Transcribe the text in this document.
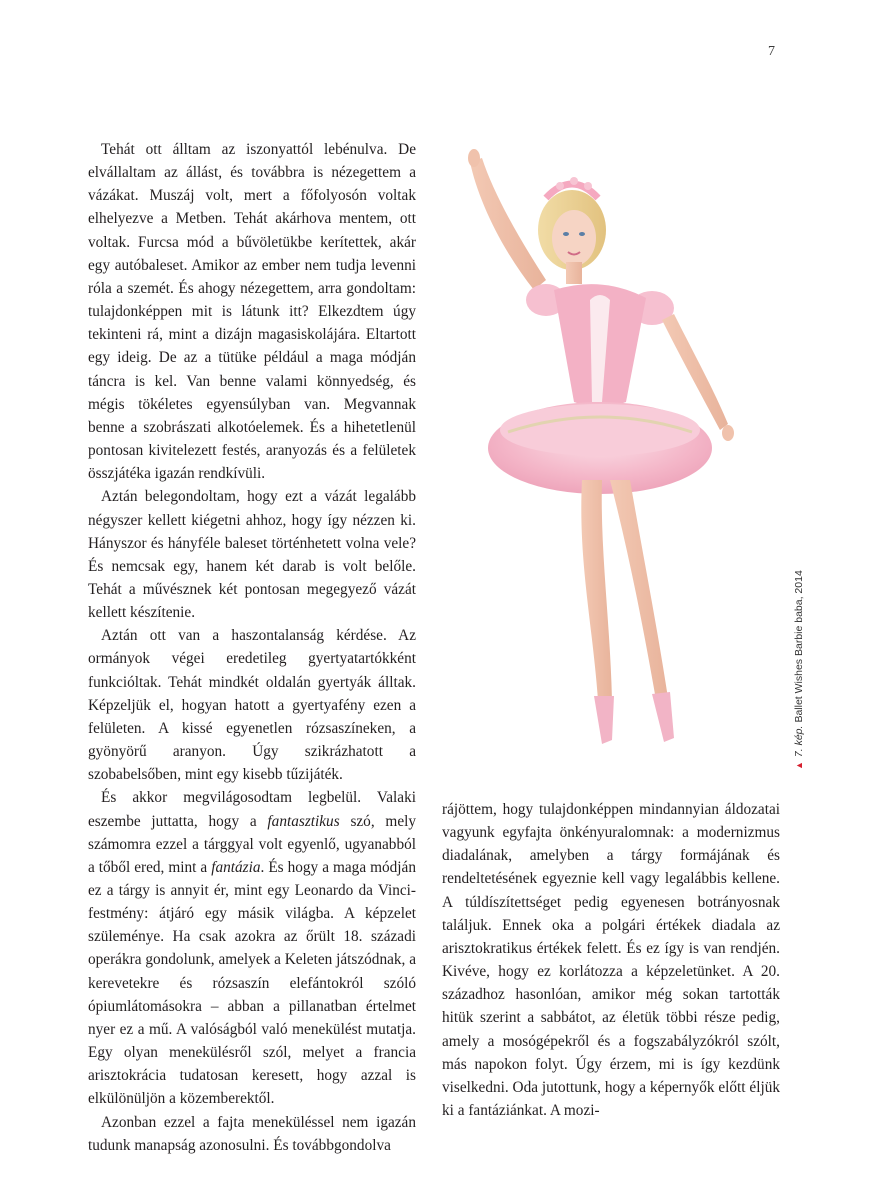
7

Tehát ott álltam az iszonyattól lebénulva. De elvállaltam az állást, és továbbra is nézegettem a vázákat. Muszáj volt, mert a főfolyosón voltak elhelyezve a Metben. Tehát akárhova mentem, ott voltak. Furcsa mód a bűvöletükbe kerítettek, akár egy autóbaleset. Amikor az ember nem tudja levenni róla a szemét. És ahogy nézegettem, arra gondoltam: tulajdonképpen mit is látunk itt? Elkezdtem úgy tekinteni rá, mint a dizájn magasiskolájára. Eltartott egy ideig. De az a tütüke például a maga módján táncra is kel. Van benne valami könnyedség, és mégis tökéletes egyensúlyban van. Megvannak benne a szobrászati alkotóelemek. És a hihetetlenül pontosan kivitelezett festés, aranyozás és a felületek összjátéka igazán rendkívüli.

Aztán belegondoltam, hogy ezt a vázát legalább négyszer kellett kiégetni ahhoz, hogy így nézzen ki. Hányszor és hányféle baleset történhetett volna vele? És nemcsak egy, hanem két darab is volt belőle. Tehát a művésznek két pontosan megegyező vázát kellett készítenie.

Aztán ott van a haszontalanság kérdése. Az ormányok végei eredetileg gyertyatartókként funkcióltak. Tehát mindkét oldalán gyertyák álltak. Képzeljük el, hogyan hatott a gyertyafény ezen a felületen. A kissé egyenetlen rózsaszíneken, a gyönyörű aranyon. Úgy szikrázhatott a szobabelsőben, mint egy kisebb tűzijáték.

És akkor megvilágosodtam legbelül. Valaki eszembe juttatta, hogy a fantasztikus szó, mely számomra ezzel a tárggyal volt egyenlő, ugyanabból a tőből ered, mint a fantázia. És hogy a maga módján ez a tárgy is annyit ér, mint egy Leonardo da Vinci-festmény: átjáró egy másik világba. A képzelet szüleménye. Ha csak azokra az őrült 18. századi operákra gondolunk, amelyek a Keleten játszódnak, a kerevetekre és rózsaszín elefántokról szóló ópiumlátomásokra – abban a pillanatban értelmet nyer ez a mű. A valóságból való menekülést mutatja. Egy olyan menekülésről szól, melyet a francia arisztokrácia tudatosan keresett, hogy azzal is elkülönüljön a közemberektől.

Azonban ezzel a fajta meneküléssel nem igazán tudunk manapság azonosulni. És továbbgondolva

▲7. kép.Ballet Wishes Barbie baba, 2014

rájöttem, hogy tulajdonképpen mindannyian áldozatai vagyunk egyfajta önkényuralomnak: a modernizmus diadalának, amelyben a tárgy formájának és rendeltetésének egyeznie kell vagy legalábbis kellene. A túldíszítettséget pedig egyenesen botrányosnak találjuk. Ennek oka a polgári értékek diadala az arisztokratikus értékek felett. És ez így is van rendjén. Kivéve, hogy ez korlátozza a képzeletünket. A 20. századhoz hasonlóan, amikor még sokan tartották hitük szerint a sabbátot, az életük többi része pedig, amely a mosógépekről és a fogszabályzókról szólt, más napokon folyt. Úgy érzem, mi is így kezdünk viselkedni. Oda jutottunk, hogy a képernyők előtt éljük ki a fantáziánkat. A mozi-
